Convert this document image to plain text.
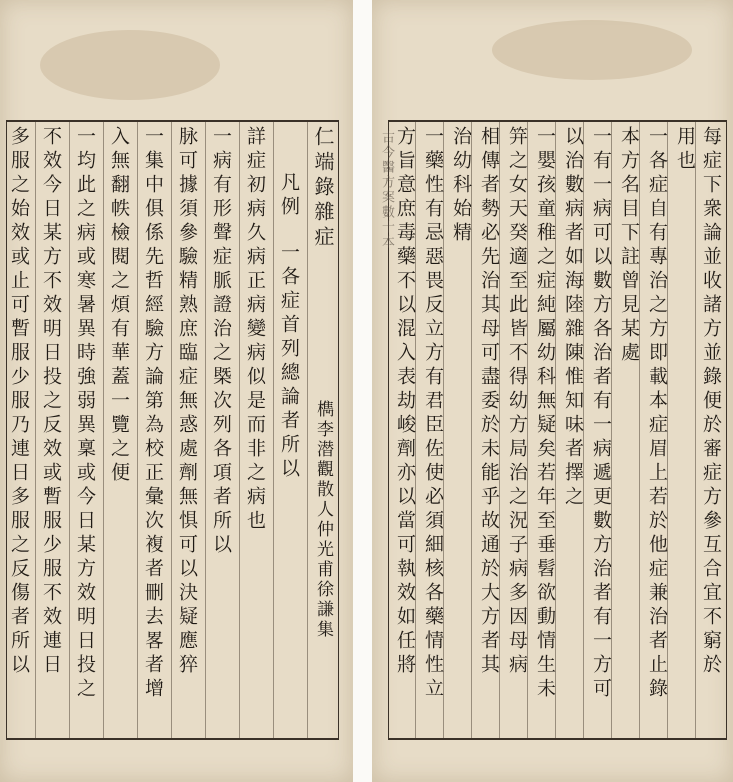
仁端錄雜症
凡例
檇李潜觀散人仲光甫徐謙集
一各症首列總論者所以
詳症初病久病正病變病似是而非之病也
一病有形聲症脈證治之槩次列各項者所以
脉可據須參驗精熟庶臨症無惑處劑無惧可以決疑應猝
一集中俱係先哲經驗方論第為校正彙次複者刪去畧者增
入無翻帙檢閱之煩有華蓋一覽之便
一均此之病或寒暑異時強弱異稟或今日某方效明日投之
不效今日某方不效明日投之反效或暫服少服不效連日
多服之始效或止可暫服少服乃連日多服之反傷者所以	每症下衆論並收諸方並錄便於審症方參互合宜不窮於
用也
一各症自有專治之方即載本症眉上若於他症兼治者止錄
本方名目下註曾見某處
一有一病可以數方各治者有一病遞更數方治者有一方可
以治數病者如海陸雜陳惟知味者擇之
一嬰孩童稚之症純屬幼科無疑矣若年至垂髫欲動情生未
笄之女天癸適至此皆不得幼方局治之況子病多因母病
相傳者勢必先治其母可盡委於未能乎故通於大方者其
治幼科始精
一藥性有忌惡畏反立方有君臣佐使必須細核各藥情性立
方旨意庶毒藥不以混入表劫峻劑亦以當可執效如任將
古今醫方案數十本
